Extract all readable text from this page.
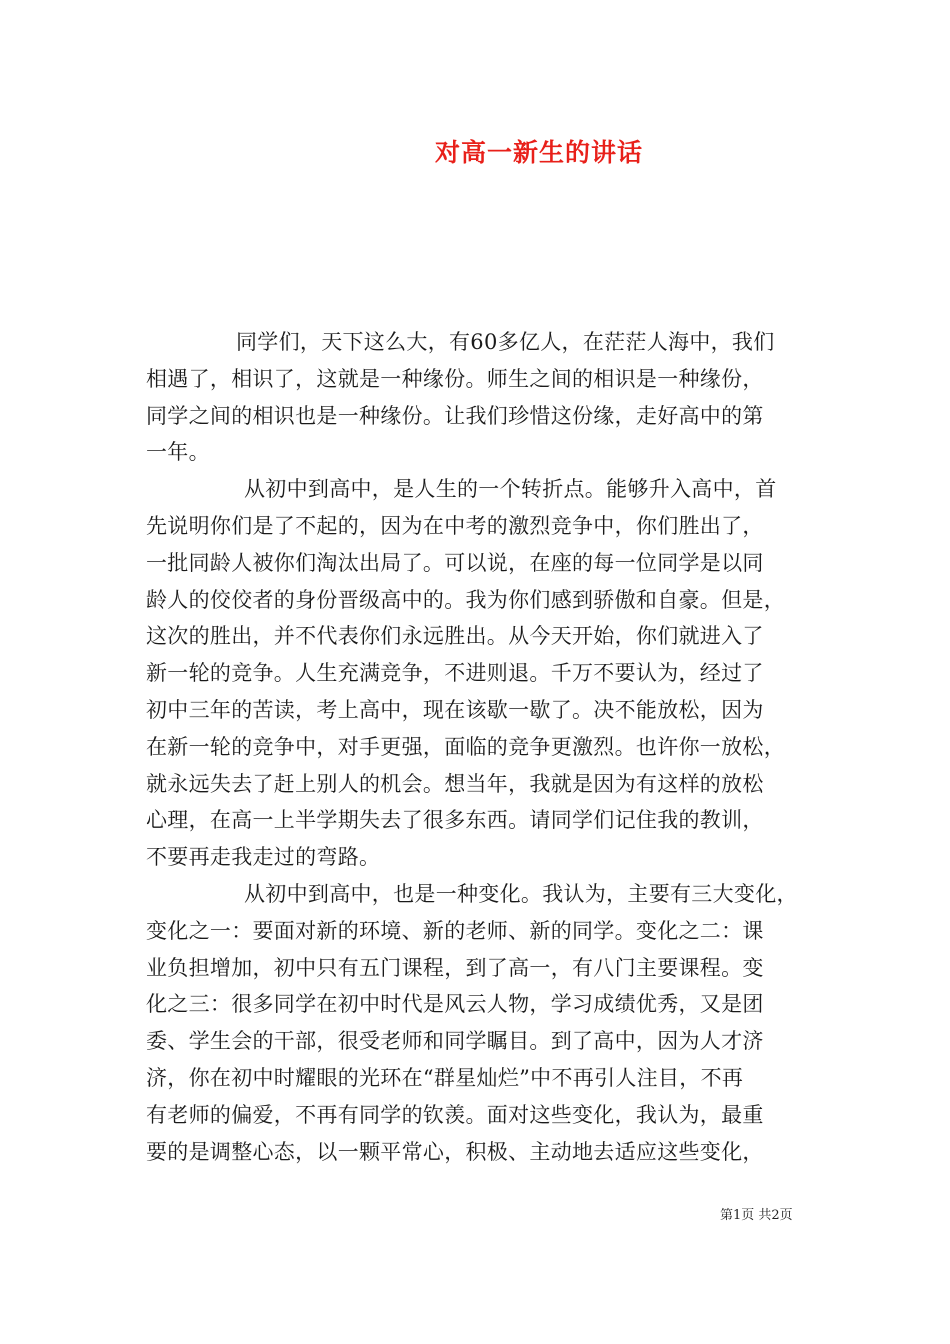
对高一新生的讲话

同学们，天下这么大，有60多亿人，在茫茫人海中，我们
相遇了，相识了，这就是一种缘份。师生之间的相识是一种缘份，
同学之间的相识也是一种缘份。让我们珍惜这份缘，走好高中的第
一年。

从初中到高中，是人生的一个转折点。能够升入高中，首
先说明你们是了不起的，因为在中考的激烈竞争中，你们胜出了，
一批同龄人被你们淘汰出局了。可以说，在座的每一位同学是以同
龄人的佼佼者的身份晋级高中的。我为你们感到骄傲和自豪。但是，
这次的胜出，并不代表你们永远胜出。从今天开始，你们就进入了
新一轮的竞争。人生充满竞争，不进则退。千万不要认为，经过了
初中三年的苦读，考上高中，现在该歇一歇了。决不能放松，因为
在新一轮的竞争中，对手更强，面临的竞争更激烈。也许你一放松，
就永远失去了赶上别人的机会。想当年，我就是因为有这样的放松
心理，在高一上半学期失去了很多东西。请同学们记住我的教训，
不要再走我走过的弯路。

从初中到高中，也是一种变化。我认为，主要有三大变化，
变化之一：要面对新的环境、新的老师、新的同学。变化之二：课
业负担增加，初中只有五门课程，到了高一，有八门主要课程。变
化之三：很多同学在初中时代是风云人物，学习成绩优秀，又是团
委、学生会的干部，很受老师和同学瞩目。到了高中，因为人才济
济，你在初中时耀眼的光环在“群星灿烂”中不再引人注目，不再
有老师的偏爱，不再有同学的钦羡。面对这些变化，我认为，最重
要的是调整心态，以一颗平常心，积极、主动地去适应这些变化，

第1页 共2页
